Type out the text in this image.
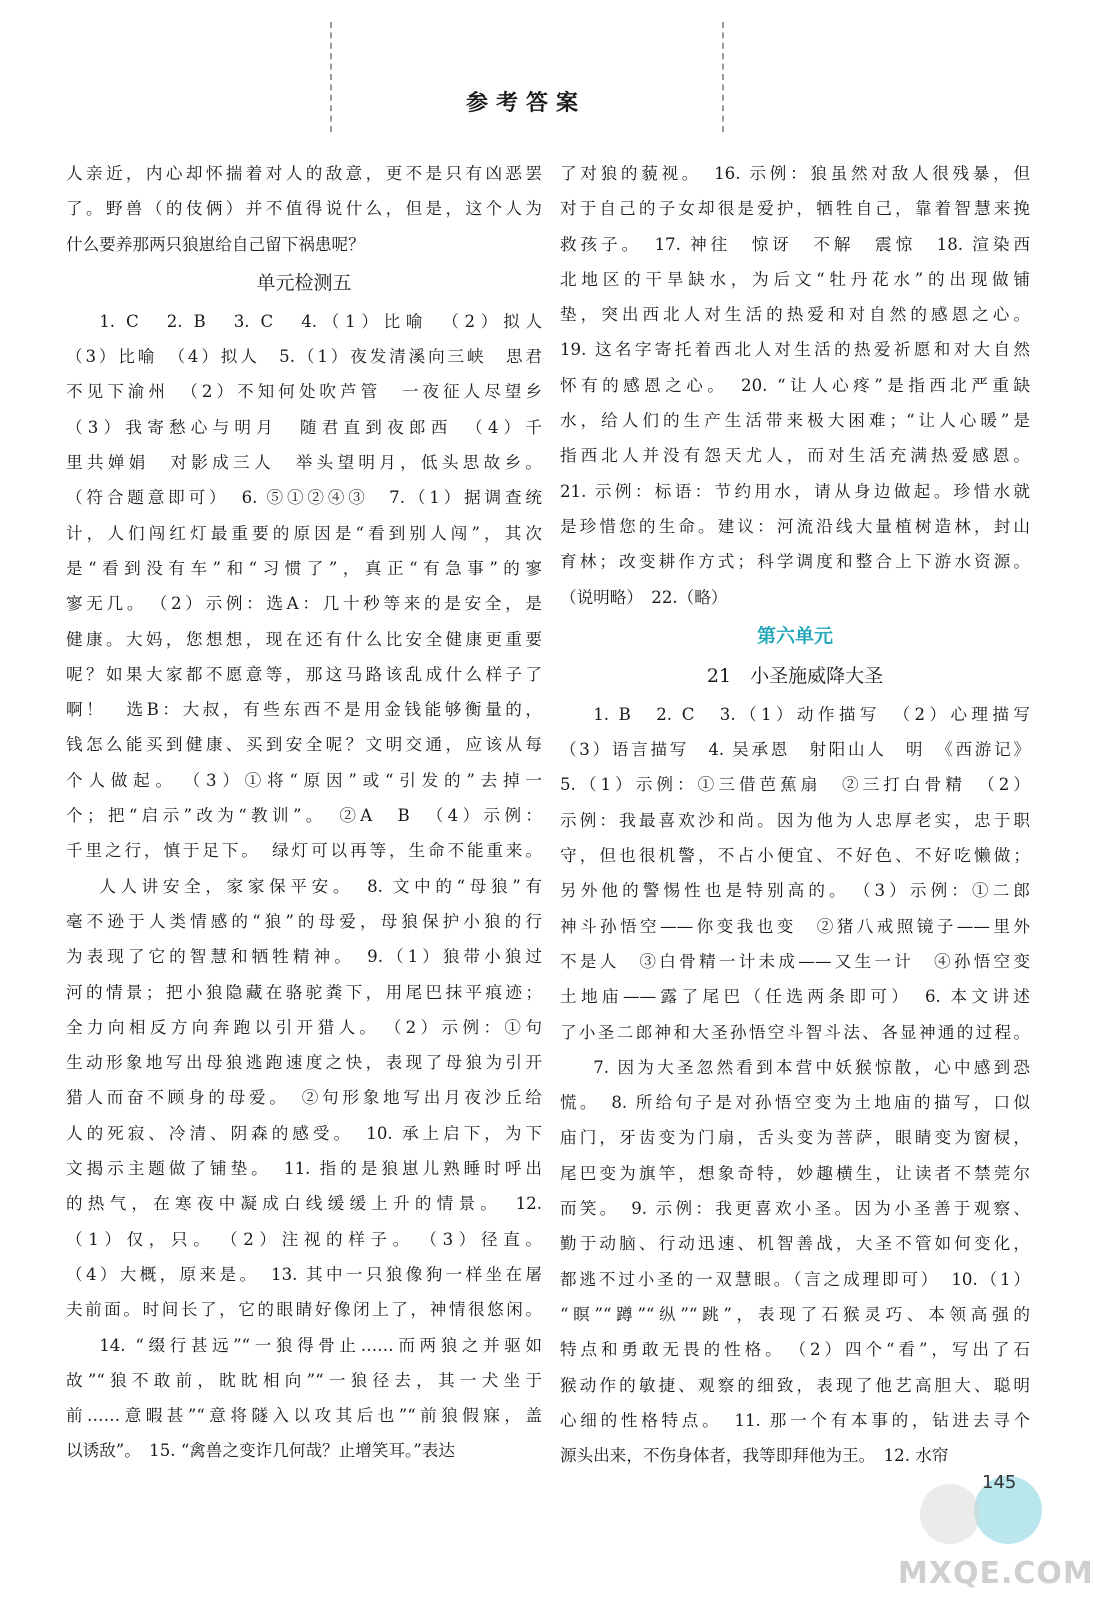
参考答案

人亲近，内心却怀揣着对人的敌意，更不是只有凶恶罢

了。野兽（的伎俩）并不值得说什么，但是，这个人为

什么要养那两只狼崽给自己留下祸患呢？

单元检测五

1. C　2. B　3. C　4.（1）比喻　（2）拟人

（3）比喻　（4）拟人　5.（1）夜发清溪向三峡　思君

不见下渝州　（2）不知何处吹芦管　一夜征人尽望乡

（3）我寄愁心与明月　随君直到夜郎西　（4）千

里共婵娟　对影成三人　举头望明月，低头思故乡。

（符合题意即可）　6. ⑤①②④③　7.（1）据调查统

计，人们闯红灯最重要的原因是“看到别人闯”，其次

是“看到没有车”和“习惯了”，真正“有急事”的寥

寥无几。　（2）示例：选A：几十秒等来的是安全，是

健康。大妈，您想想，现在还有什么比安全健康更重要

呢？如果大家都不愿意等，那这马路该乱成什么样子了

啊！　选B：大叔，有些东西不是用金钱能够衡量的，

钱怎么能买到健康、买到安全呢？文明交通，应该从每

个人做起。　（3）①将“原因”或“引发的”去掉一

个；把“启示”改为“教训”。　②A　B　（4）示例：

千里之行，慎于足下。　绿灯可以再等，生命不能重来。

人人讲安全，家家保平安。　8. 文中的“母狼”有

毫不逊于人类情感的“狼”的母爱，母狼保护小狼的行

为表现了它的智慧和牺牲精神。　9.（1）狼带小狼过

河的情景；把小狼隐藏在骆驼粪下，用尾巴抹平痕迹；

全力向相反方向奔跑以引开猎人。　（2）示例：①句

生动形象地写出母狼逃跑速度之快，表现了母狼为引开

猎人而奋不顾身的母爱。　②句形象地写出月夜沙丘给

人的死寂、冷清、阴森的感受。　10. 承上启下，为下

文揭示主题做了铺垫。　11. 指的是狼崽儿熟睡时呼出

的热气，在寒夜中凝成白线缓缓上升的情景。　12.

（1）仅，只。　（2）注视的样子。　（3）径直。

（4）大概，原来是。　13. 其中一只狼像狗一样坐在屠

夫前面。时间长了，它的眼睛好像闭上了，神情很悠闲。

14. “缀行甚远”“一狼得骨止……而两狼之并驱如

故”“狼不敢前，眈眈相向”“一狼径去，其一犬坐于

前……意暇甚”“意将隧入以攻其后也”“前狼假寐，盖

以诱敌”。　15. “禽兽之变诈几何哉？止增笑耳。”表达

了对狼的藐视。　16. 示例：狼虽然对敌人很残暴，但

对于自己的子女却很是爱护，牺牲自己，靠着智慧来挽

救孩子。　17. 神往　惊讶　不解　震惊　18. 渲染西

北地区的干旱缺水，为后文“牡丹花水”的出现做铺

垫，突出西北人对生活的热爱和对自然的感恩之心。

19. 这名字寄托着西北人对生活的热爱祈愿和对大自然

怀有的感恩之心。　20. “让人心疼”是指西北严重缺

水，给人们的生产生活带来极大困难；“让人心暖”是

指西北人并没有怨天尤人，而对生活充满热爱感恩。

21. 示例：标语：节约用水，请从身边做起。珍惜水就

是珍惜您的生命。建议：河流沿线大量植树造林，封山

育林；改变耕作方式；科学调度和整合上下游水资源。

（说明略）　22.（略）

第六单元
21　小圣施威降大圣

1. B　2. C　3.（1）动作描写　（2）心理描写

（3）语言描写　4. 吴承恩　射阳山人　明　《西游记》

5.（1）示例：①三借芭蕉扇　②三打白骨精　（2）

示例：我最喜欢沙和尚。因为他为人忠厚老实，忠于职

守，但也很机警，不占小便宜、不好色、不好吃懒做；

另外他的警惕性也是特别高的。　（3）示例：①二郎

神斗孙悟空——你变我也变　②猪八戒照镜子——里外

不是人　③白骨精一计未成——又生一计　④孙悟空变

土地庙——露了尾巴（任选两条即可）　6. 本文讲述

了小圣二郎神和大圣孙悟空斗智斗法、各显神通的过程。

7. 因为大圣忽然看到本营中妖猴惊散，心中感到恐

慌。　8. 所给句子是对孙悟空变为土地庙的描写，口似

庙门，牙齿变为门扇，舌头变为菩萨，眼睛变为窗棂，

尾巴变为旗竿，想象奇特，妙趣横生，让读者不禁莞尔

而笑。　9. 示例：我更喜欢小圣。因为小圣善于观察、

勤于动脑、行动迅速、机智善战，大圣不管如何变化，

都逃不过小圣的一双慧眼。（言之成理即可）　10.（1）

“瞑”“蹲”“纵”“跳”，表现了石猴灵巧、本领高强的

特点和勇敢无畏的性格。　（2）四个“看”，写出了石

猴动作的敏捷、观察的细致，表现了他艺高胆大、聪明

心细的性格特点。　11. 那一个有本事的，钻进去寻个

源头出来，不伤身体者，我等即拜他为王。　12. 水帘

145
MXQE.COM
